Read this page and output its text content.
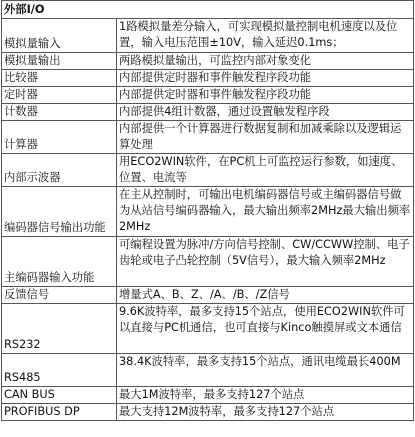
外部I/O	
模拟量输入	1路模拟量差分输入，可实现模拟量控制电机速度以及位置，输入电压范围±10V，输入延迟0.1ms；
模拟量输出	两路模拟量输出，可监控内部对象变化
比较器	内部提供定时器和事件触发程序段功能
定时器	内部提供定时器和事件触发程序段功能
计数器	内部提供4组计数器，通过设置触发程序段
计算器	内部提供一个计算器进行数据复制和加减乘除以及逻辑运算处理
内部示波器	用ECO2WIN软件，在PC机上可监控运行参数，如速度、位置、电流等
编码器信号输出功能	在主从控制时，可输出电机编码器信号或主编码器信号做为从站信号编码器输入，最大输出频率2MHz最大输出频率2MHz
主编码器输入功能	可编程设置为脉冲/方向信号控制、CW/CCWW控制、电子齿轮或电子凸轮控制（5V信号），最大输入频率2MHz
反馈信号	增量式A、B、Z、/A、/B、/Z信号
RS232	9.6K波特率，最多支持15个站点，使用ECO2WIN软件可以直接与PC机通信，也可直接与Kinco触摸屏或文本通信
RS485	38.4K波特率，最多支持15个站点，通讯电缆最长400M
CAN BUS	最大1M波特率，最多支持127个站点
PROFIBUS DP	最大支持12M波特率，最多支持127个站点
